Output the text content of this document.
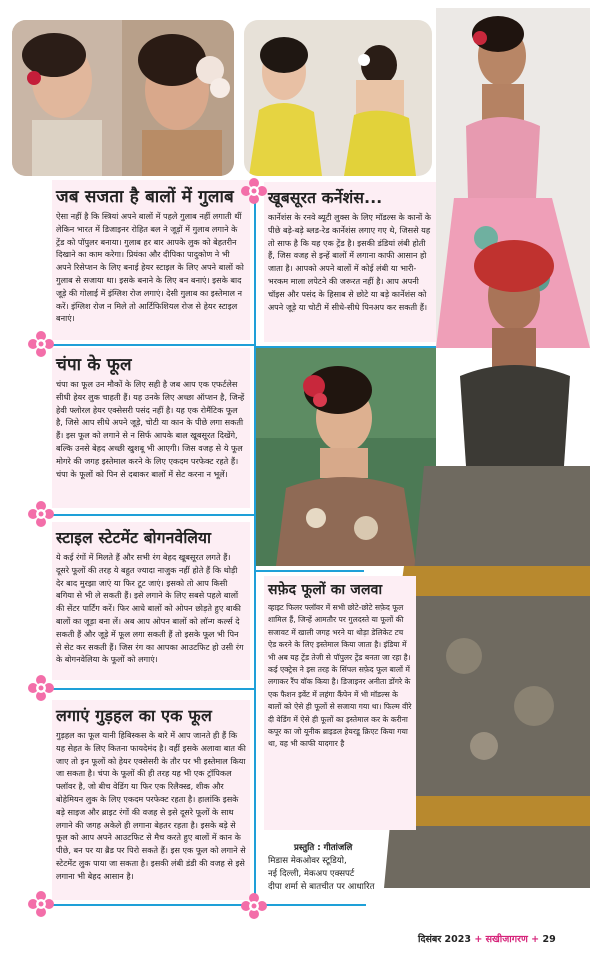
जब सजता है बालों में गुलाब

ऐसा नहीं है कि स्त्रियां अपने बालों में पहले गुलाब नहीं लगाती थीं लेकिन भारत में डिजाइनर रोहित बल ने जूड़ों में गुलाब लगाने के ट्रेंड को पॉपुलर बनाया। गुलाब हर बार आपके लुक को बेहतरीन दिखाने का काम करेगा। प्रियंका और दीपिका पादुकोण ने भी अपने रिसेप्शन के लिए बनाई हेयर स्टाइल के लिए अपने बालों को गुलाब से सजाया था। इसके बनाने के लिए बन बनाएं। इसके बाद जूड़े की गोलाई में इंग्लिश रोज लगाएं। देसी गुलाब का इस्तेमाल न करें। इंग्लिश रोज न मिले तो आर्टिफिशियल रोज से हेयर स्टाइल बनाएं।

चंपा के फूल

चंपा का फूल उन मौकों के लिए सही है जब आप एक एफर्टलेस सीधी हेयर लुक चाहती हैं। यह उनके लिए अच्छा ऑप्शन है, जिन्हें हेवी फ्लोरल हेयर एक्सेसरी पसंद नहीं है। यह एक रोमैंटिक फूल है, जिसे आप सीधे अपने जूड़े, चोटी या कान के पीछे लगा सकती हैं। इस फूल को लगाने से न सिर्फ आपके बाल खूबसूरत दिखेंगे, बल्कि उनसे बेहद अच्छी खुशबू भी आएगी। जिस वजह से ये फूल मोगरे की जगह इस्तेमाल करने के लिए एकदम परफेक्ट रहते हैं। चंपा के फूलों को पिन से दबाकर बालों में सेट करना न भूलें।

स्टाइल स्टेटमेंट बोगनवेलिया

ये कई रंगों में मिलते हैं और सभी रंग बेहद खूबसूरत लगते हैं। दूसरे फूलों की तरह ये बहुत ज्यादा नाजुक नहीं होते हैं कि थोड़ी देर बाद मुरझा जाएं या फिर टूट जाएं। इसको तो आप किसी बगिया से भी ले सकती हैं। इसे लगाने के लिए सबसे पहले बालों की सेंटर पार्टिंग करें। फिर आधे बालों को ओपन छोड़ते हुए बाकी बालों का जूड़ा बना लें। अब आप ओपन बालों को लॉन्ग कर्ल्स दे सकती हैं और जूड़े में फूल लगा सकती हैं तो इसके फूल भी पिन से सेट कर सकती हैं। जिस रंग का आपका आउटफिट हो उसी रंग के बोगनवेलिया के फूलों को लगाएं।

लगाएं गुड़हल का एक फूल

गुड़हल का फूल यानी हिबिस्कस के बारे में आप जानते ही हैं कि यह सेहत के लिए कितना फायदेमंद है। वहीं इसके अलावा बात की जाए तो इन फूलों को हेयर एक्सेसरी के तौर पर भी इस्तेमाल किया जा सकता है। चंपा के फूलों की ही तरह यह भी एक ट्रॉपिकल फ्लॉवर है, जो बीच वेडिंग या फिर एक रिलैक्स्ड, शीक और बोहेमियन लुक के लिए एकदम परफेक्ट रहता है। हालांकि इसके बड़े साइज और ब्राइट रंगों की वजह से इसे दूसरे फूलों के साथ लगाने की जगह अकेले ही लगाना बेहतर रहता है। इसके बड़े से फूल को आप अपने आउटफिट से मैच करते हुए बालों में कान के पीछे, बन पर या ब्रैड पर पिरो सकते हैं। इस एक फूल को लगाने से स्टेटमेंट लुक पाया जा सकता है। इसकी लंबी डंडी की वजह से इसे लगाना भी बेहद आसान है।

खूबसूरत कर्नेशंस...

कार्नेशंस के रनवे ब्यूटी लुक्स के लिए मॉडल्स के कानों के पीछे बड़े-बड़े ब्लड-रेड कार्नेशंस लगाए गए थे, जिससे यह तो साफ है कि यह एक ट्रेंड है। इसकी डंडियां लंबी होती हैं, जिस वजह से इन्हें बालों में लगाना काफी आसान हो जाता है। आपको अपने बालों में कोई लंबी या भारी-भरकम माला लपेटने की जरूरत नहीं है। आप अपनी चॉइस और पसंद के हिसाब से छोटे या बड़े कार्नेशंस को अपने जूड़े या चोटी में सीधे-सीधे पिनअप कर सकती हैं।

सफ़ेद फूलों का जलवा

व्हाइट फिलर फ्लॉवर में सभी छोटे-छोटे सफ़ेद फूल शामिल हैं, जिन्हें आमतौर पर गुलदस्ते या फूलों की सजावट में खाली जगह भरने या थोड़ा डेलिकेट टच ऐड करने के लिए इस्तेमाल किया जाता है। इंडिया में भी अब यह ट्रेंड तेजी से पॉपुलर ट्रेंड बनता जा रहा है। कई एक्ट्रेस ने इस तरह के सिंपल सफ़ेद फूल बालों में लगाकर रैंप वॉक किया है। डिजाइनर अनीता डोंगरे के एक फैशन इवेंट में लहंगा कैंपेन में भी मॉडल्स के बालों को ऐसे ही फूलों से सजाया गया था। फिल्म वीरे दी वेडिंग में ऐसे ही फूलों का इस्तेमाल कर के करीना कपूर का जो यूनीक ब्राइडल हेयरडू क्रिएट किया गया था, वह भी काफी यादगार है

प्रस्तुति : गीतांजलि
मिडास मेकओवर स्टूडियो,
नई दिल्ली, मेकअप एक्सपर्ट
दीपा शर्मा से बातचीत पर आधारित
दिसंबर 2023 + सखीजागरण + 29
